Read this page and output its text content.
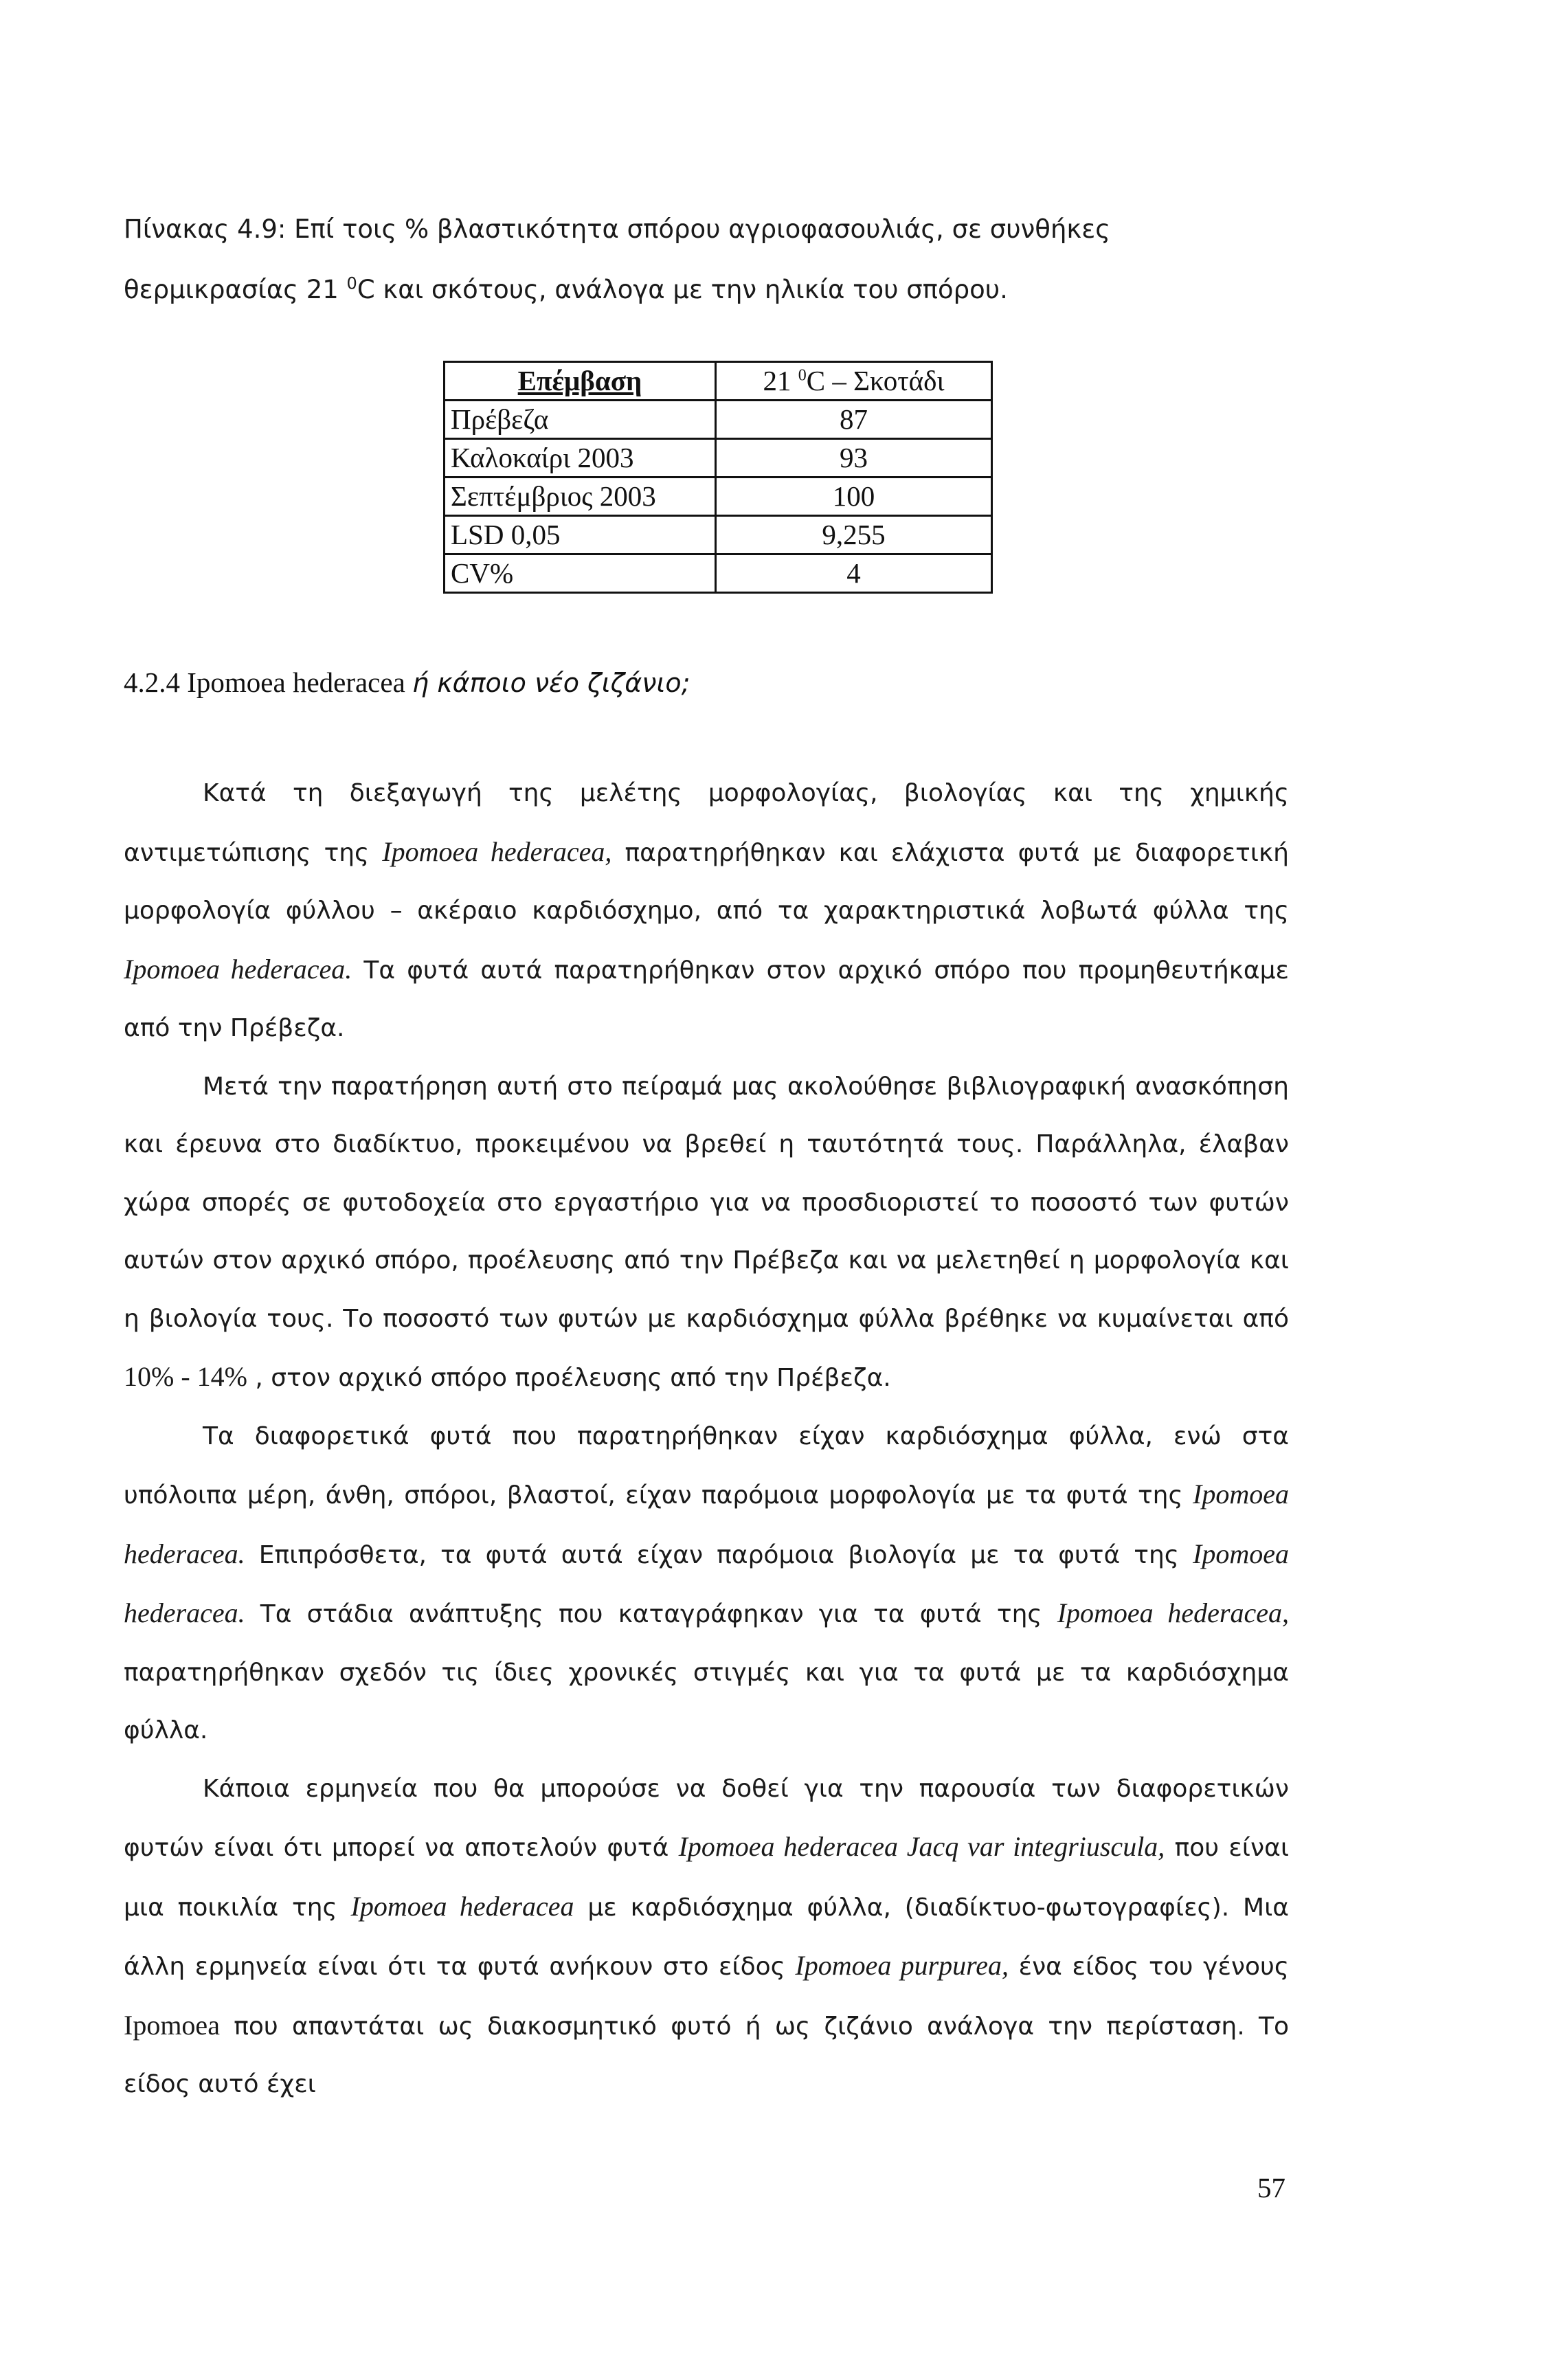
Πίνακας 4.9: Επί τοις % βλαστικότητα σπόρου αγριοφασουλιάς, σε συνθήκες
θερμικρασίας 21 $^0$C και σκότους, ανάλογα με την ηλικία του σπόρου.
Επέμβαση	21 $^0$C – Σκοτάδι
Πρέβεζα	87
Καλοκαίρι 2003	93
Σεπτέμβριος 2003	100
LSD 0,05	9,255
CV%	4
4.2.4 Ipomoea hederacea ή κάποιο νέο ζιζάνιο;

Κατά τη διεξαγωγή της μελέτης μορφολογίας, βιολογίας και της χημικής αντιμετώπισης της Ipomoea hederacea, παρατηρήθηκαν και ελάχιστα φυτά με διαφορετική μορφολογία φύλλου – ακέραιο καρδιόσχημο, από τα χαρακτηριστικά λοβωτά φύλλα της Ipomoea hederacea. Τα φυτά αυτά παρατηρήθηκαν στον αρχικό σπόρο που προμηθευτήκαμε από την Πρέβεζα.

Μετά την παρατήρηση αυτή στο πείραμά μας ακολούθησε βιβλιογραφική ανασκόπηση και έρευνα στο διαδίκτυο, προκειμένου να βρεθεί η ταυτότητά τους. Παράλληλα, έλαβαν χώρα σπορές σε φυτοδοχεία στο εργαστήριο για να προσδιοριστεί το ποσοστό των φυτών αυτών στον αρχικό σπόρο, προέλευσης από την Πρέβεζα και να μελετηθεί η μορφολογία και η βιολογία τους. Το ποσοστό των φυτών με καρδιόσχημα φύλλα βρέθηκε να κυμαίνεται από 10% - 14% , στον αρχικό σπόρο προέλευσης από την Πρέβεζα.

Τα διαφορετικά φυτά που παρατηρήθηκαν είχαν καρδιόσχημα φύλλα, ενώ στα υπόλοιπα μέρη, άνθη, σπόροι, βλαστοί, είχαν παρόμοια μορφολογία με τα φυτά της Ipomoea hederacea. Επιπρόσθετα, τα φυτά αυτά είχαν παρόμοια βιολογία με τα φυτά της Ipomoea hederacea. Τα στάδια ανάπτυξης που καταγράφηκαν για τα φυτά της Ipomoea hederacea, παρατηρήθηκαν σχεδόν τις ίδιες χρονικές στιγμές και για τα φυτά με τα καρδιόσχημα φύλλα.

Κάποια ερμηνεία που θα μπορούσε να δοθεί για την παρουσία των διαφορετικών φυτών είναι ότι μπορεί να αποτελούν φυτά Ipomoea hederacea Jacq var integriuscula, που είναι μια ποικιλία της Ipomoea hederacea με καρδιόσχημα φύλλα, (διαδίκτυο-φωτογραφίες). Μια άλλη ερμηνεία είναι ότι τα φυτά ανήκουν στο είδος Ipomoea purpurea, ένα είδος του γένους Ipomoea που απαντάται ως διακοσμητικό φυτό ή ως ζιζάνιο ανάλογα την περίσταση. Το είδος αυτό έχει

57
